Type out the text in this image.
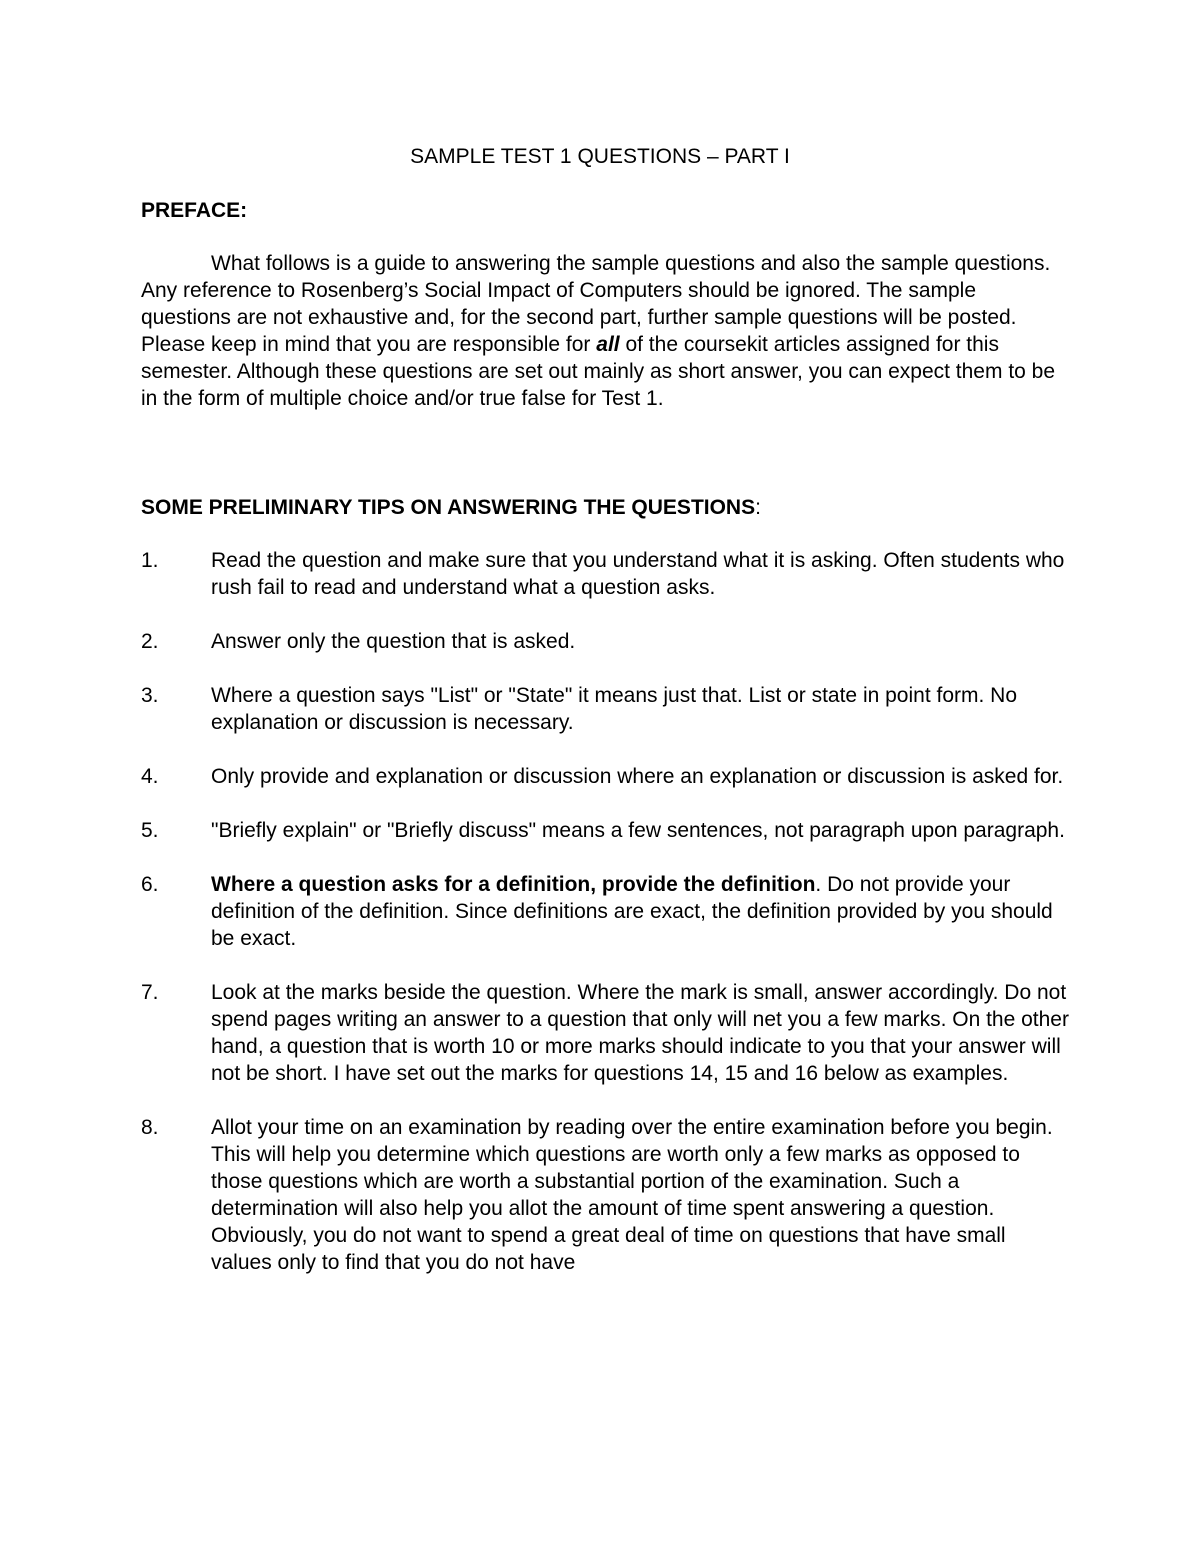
SAMPLE TEST 1 QUESTIONS – PART I
PREFACE:
What follows is a guide to answering the sample questions and also the sample questions. Any reference to Rosenberg’s Social Impact of Computers should be ignored. The sample questions are not exhaustive and, for the second part, further sample questions will be posted. Please keep in mind that you are responsible for all of the coursekit articles assigned for this semester. Although these questions are set out mainly as short answer, you can expect them to be in the form of multiple choice and/or true false for Test 1.
SOME PRELIMINARY TIPS ON ANSWERING THE QUESTIONS:
1.	Read the question and make sure that you understand what it is asking. Often students who rush fail to read and understand what a question asks.
2.	Answer only the question that is asked.
3.	Where a question says "List" or "State" it means just that. List or state in point form. No explanation or discussion is necessary.
4.	Only provide and explanation or discussion where an explanation or discussion is asked for.
5.	"Briefly explain" or "Briefly discuss" means a few sentences, not paragraph upon paragraph.
6.	Where a question asks for a definition, provide the definition. Do not provide your definition of the definition. Since definitions are exact, the definition provided by you should be exact.
7.	Look at the marks beside the question. Where the mark is small, answer accordingly. Do not spend pages writing an answer to a question that only will net you a few marks. On the other hand, a question that is worth 10 or more marks should indicate to you that your answer will not be short. I have set out the marks for questions 14, 15 and 16 below as examples.
8.	Allot your time on an examination by reading over the entire examination before you begin. This will help you determine which questions are worth only a few marks as opposed to those questions which are worth a substantial portion of the examination. Such a determination will also help you allot the amount of time spent answering a question. Obviously, you do not want to spend a great deal of time on questions that have small values only to find that you do not have
